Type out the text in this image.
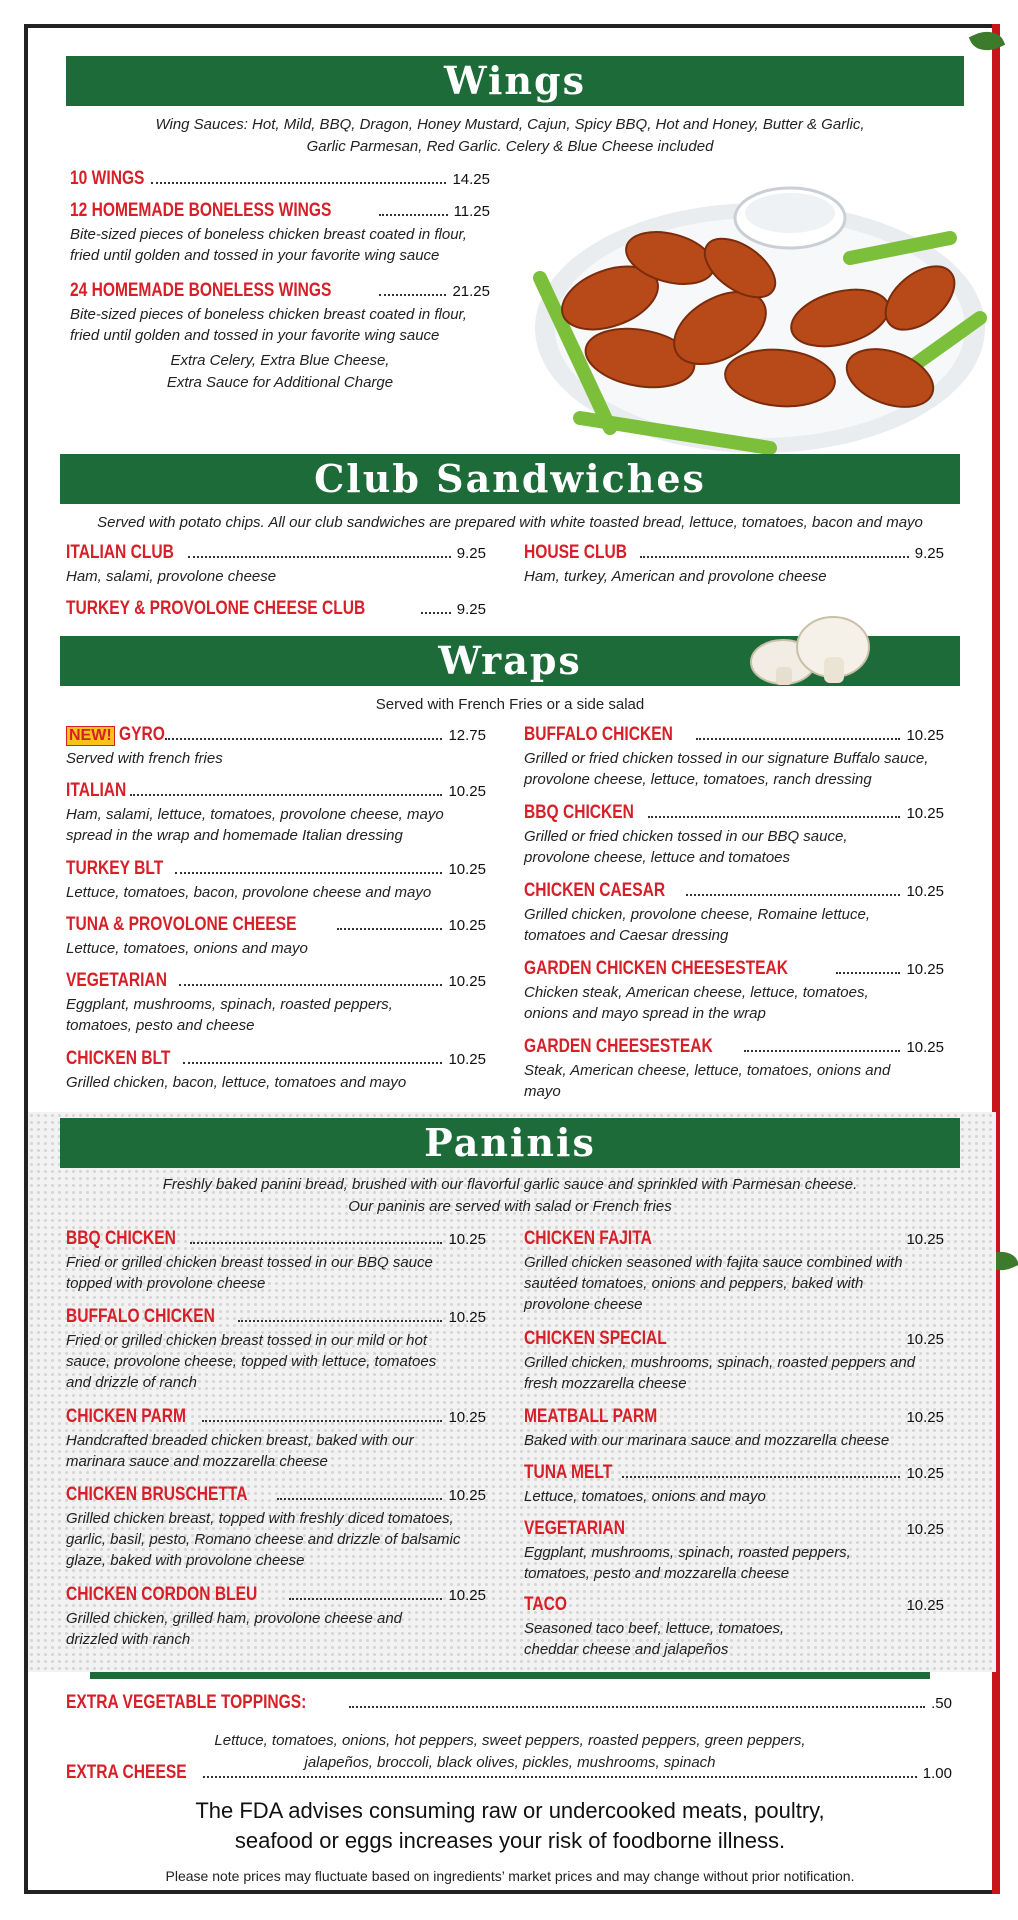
Wings
Wing Sauces: Hot, Mild, BBQ, Dragon, Honey Mustard, Cajun, Spicy BBQ, Hot and Honey, Butter & Garlic,
Garlic Parmesan, Red Garlic. Celery & Blue Cheese included
10 WINGS	14.25
12 HOMEMADE BONELESS WINGS	11.25
Bite-sized pieces of boneless chicken breast coated in flour, fried until golden and tossed in your favorite wing sauce
24 HOMEMADE BONELESS WINGS	21.25
Bite-sized pieces of boneless chicken breast coated in flour, fried until golden and tossed in your favorite wing sauce
Extra Celery, Extra Blue Cheese,
Extra Sauce for Additional Charge
Club Sandwiches
Served with potato chips. All our club sandwiches are prepared with white toasted bread, lettuce, tomatoes, bacon and mayo
ITALIAN CLUB	9.25
Ham, salami, provolone cheese
HOUSE CLUB	9.25
Ham, turkey, American and provolone cheese
TURKEY & PROVOLONE CHEESE CLUB	9.25
Wraps
Served with French Fries or a side salad
NEW! GYRO	12.75
Served with french fries
ITALIAN	10.25
Ham, salami, lettuce, tomatoes, provolone cheese, mayo spread in the wrap and homemade Italian dressing
TURKEY BLT	10.25
Lettuce, tomatoes, bacon, provolone cheese and mayo
TUNA & PROVOLONE CHEESE	10.25
Lettuce, tomatoes, onions and mayo
VEGETARIAN	10.25
Eggplant, mushrooms, spinach, roasted peppers, tomatoes, pesto and cheese
CHICKEN BLT	10.25
Grilled chicken, bacon, lettuce, tomatoes and mayo
BUFFALO CHICKEN	10.25
Grilled or fried chicken tossed in our signature Buffalo sauce, provolone cheese, lettuce, tomatoes, ranch dressing
BBQ CHICKEN	10.25
Grilled or fried chicken tossed in our BBQ sauce, provolone cheese, lettuce and tomatoes
CHICKEN CAESAR	10.25
Grilled chicken, provolone cheese, Romaine lettuce, tomatoes and Caesar dressing
GARDEN CHICKEN CHEESESTEAK	10.25
Chicken steak, American cheese, lettuce, tomatoes, onions and mayo spread in the wrap
GARDEN CHEESESTEAK	10.25
Steak, American cheese, lettuce, tomatoes, onions and mayo
Paninis
Freshly baked panini bread, brushed with our flavorful garlic sauce and sprinkled with Parmesan cheese.
Our paninis are served with salad or French fries
BBQ CHICKEN	10.25
Fried or grilled chicken breast tossed in our BBQ sauce topped with provolone cheese
BUFFALO CHICKEN	10.25
Fried or grilled chicken breast tossed in our mild or hot sauce, provolone cheese, topped with lettuce, tomatoes and drizzle of ranch
CHICKEN PARM	10.25
Handcrafted breaded chicken breast, baked with our marinara sauce and mozzarella cheese
CHICKEN BRUSCHETTA	10.25
Grilled chicken breast, topped with freshly diced tomatoes, garlic, basil, pesto, Romano cheese and drizzle of balsamic glaze, baked with provolone cheese
CHICKEN CORDON BLEU	10.25
Grilled chicken, grilled ham, provolone cheese and drizzled with ranch
CHICKEN FAJITA	10.25
Grilled chicken seasoned with fajita sauce combined with sautéed tomatoes, onions and peppers, baked with provolone cheese
CHICKEN SPECIAL	10.25
Grilled chicken, mushrooms, spinach, roasted peppers and fresh mozzarella cheese
MEATBALL PARM	10.25
Baked with our marinara sauce and mozzarella cheese
TUNA MELT	10.25
Lettuce, tomatoes, onions and mayo
VEGETARIAN	10.25
Eggplant, mushrooms, spinach, roasted peppers, tomatoes, pesto and mozzarella cheese
TACO	10.25
Seasoned taco beef, lettuce, tomatoes, cheddar cheese and jalapeños
EXTRA VEGETABLE TOPPINGS:	.50
Lettuce, tomatoes, onions, hot peppers, sweet peppers, roasted peppers, green peppers,
jalapeños, broccoli, black olives, pickles, mushrooms, spinach
EXTRA CHEESE	1.00
The FDA advises consuming raw or undercooked meats, poultry,
seafood or eggs increases your risk of foodborne illness.
Please note prices may fluctuate based on ingredients’ market prices and may change without prior notification.
